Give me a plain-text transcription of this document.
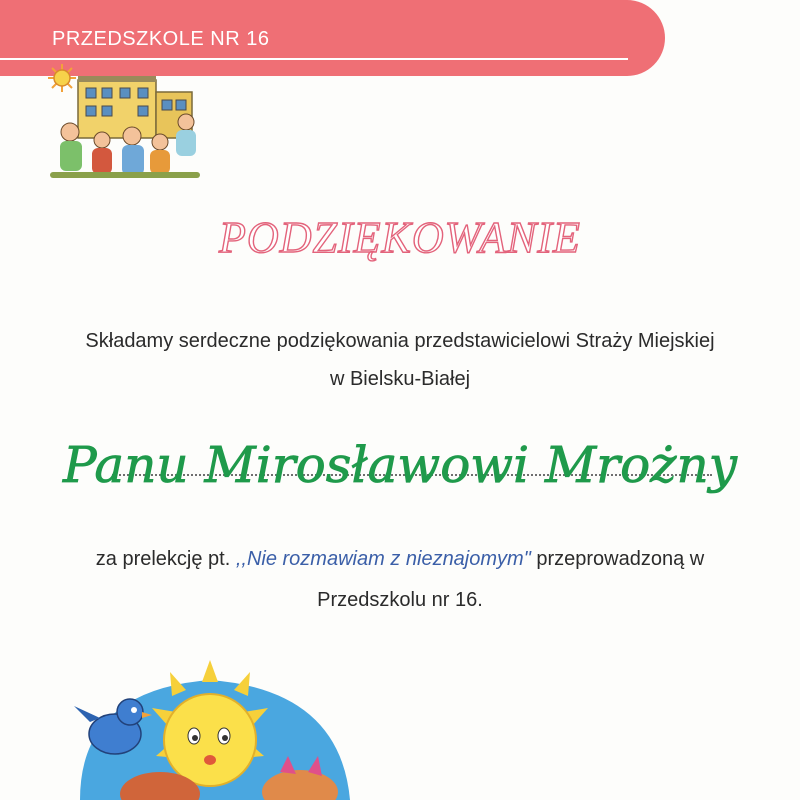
PRZEDSZKOLE NR 16
PODZIĘKOWANIE
Składamy serdeczne podziękowania przedstawicielowi Straży Miejskiej
w Bielsku-Białej
Panu Mirosławowi Mrożny
za prelekcję pt. ,,Nie rozmawiam z nieznajomym" przeprowadzoną w
Przedszkolu nr 16.
